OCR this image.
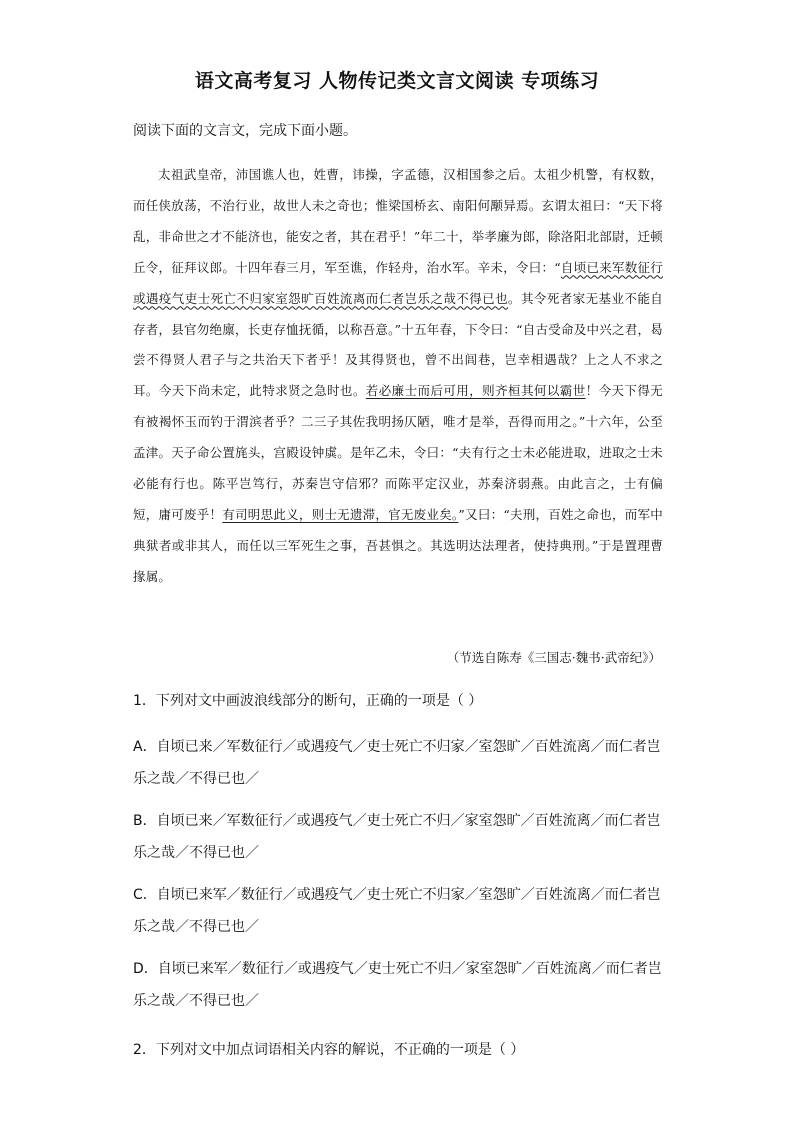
语文高考复习 人物传记类文言文阅读 专项练习
阅读下面的文言文，完成下面小题。

太祖武皇帝，沛国谯人也，姓曹，讳操，字孟德，汉相国参之后。太祖少机警，有权数，而任侠放荡，不治行业，故世人未之奇也；惟梁国桥玄、南阳何颙异焉。玄谓太祖曰：“天下将乱，非命世之才不能济也，能安之者，其在君乎！”年二十，举孝廉为郎，除洛阳北部尉，迁顿丘令，征拜议郎。十四年春三月，军至谯，作轻舟，治水军。辛未，令曰：“自顷已来军数征行或遇疫气吏士死亡不归家室怨旷百姓流离而仁者岂乐之哉不得已也。其令死者家无基业不能自存者，县官勿绝廪，长吏存恤抚循，以称吾意。”十五年春，下令曰：“自古受命及中兴之君，曷尝不得贤人君子与之共治天下者乎！及其得贤也，曾不出闾巷，岂幸相遇哉？上之人不求之耳。今天下尚未定，此特求贤之急时也。若必廉士而后可用，则齐桓其何以霸世！今天下得无有被褐怀玉而钓于渭滨者乎？二三子其佐我明扬仄陋，唯才是举，吾得而用之。”十六年，公至孟津。天子命公置旄头，宫殿设钟虡。是年乙未，令曰：“夫有行之士未必能进取，进取之士未必能有行也。陈平岂笃行，苏秦岂守信邪？而陈平定汉业，苏秦济弱燕。由此言之，士有偏短，庸可废乎！有司明思此义，则士无遗滞，官无废业矣。”又曰：“夫刑，百姓之命也，而军中典狱者或非其人，而任以三军死生之事，吾甚惧之。其选明达法理者，使持典刑。”于是置理曹掾属。

（节选自陈寿《三国志·魏书·武帝纪》）

1．下列对文中画波浪线部分的断句，正确的一项是（ ）

A．自顷已来／军数征行／或遇疫气／吏士死亡不归家／室怨旷／百姓流离／而仁者岂乐之哉／不得已也／

B．自顷已来／军数征行／或遇疫气／吏士死亡不归／家室怨旷／百姓流离／而仁者岂乐之哉／不得已也／

C．自顷已来军／数征行／或遇疫气／吏士死亡不归家／室怨旷／百姓流离／而仁者岂乐之哉／不得已也／

D．自顷已来军／数征行／或遇疫气／吏士死亡不归／家室怨旷／百姓流离／而仁者岂乐之哉／不得已也／

2．下列对文中加点词语相关内容的解说，不正确的一项是（ ）
